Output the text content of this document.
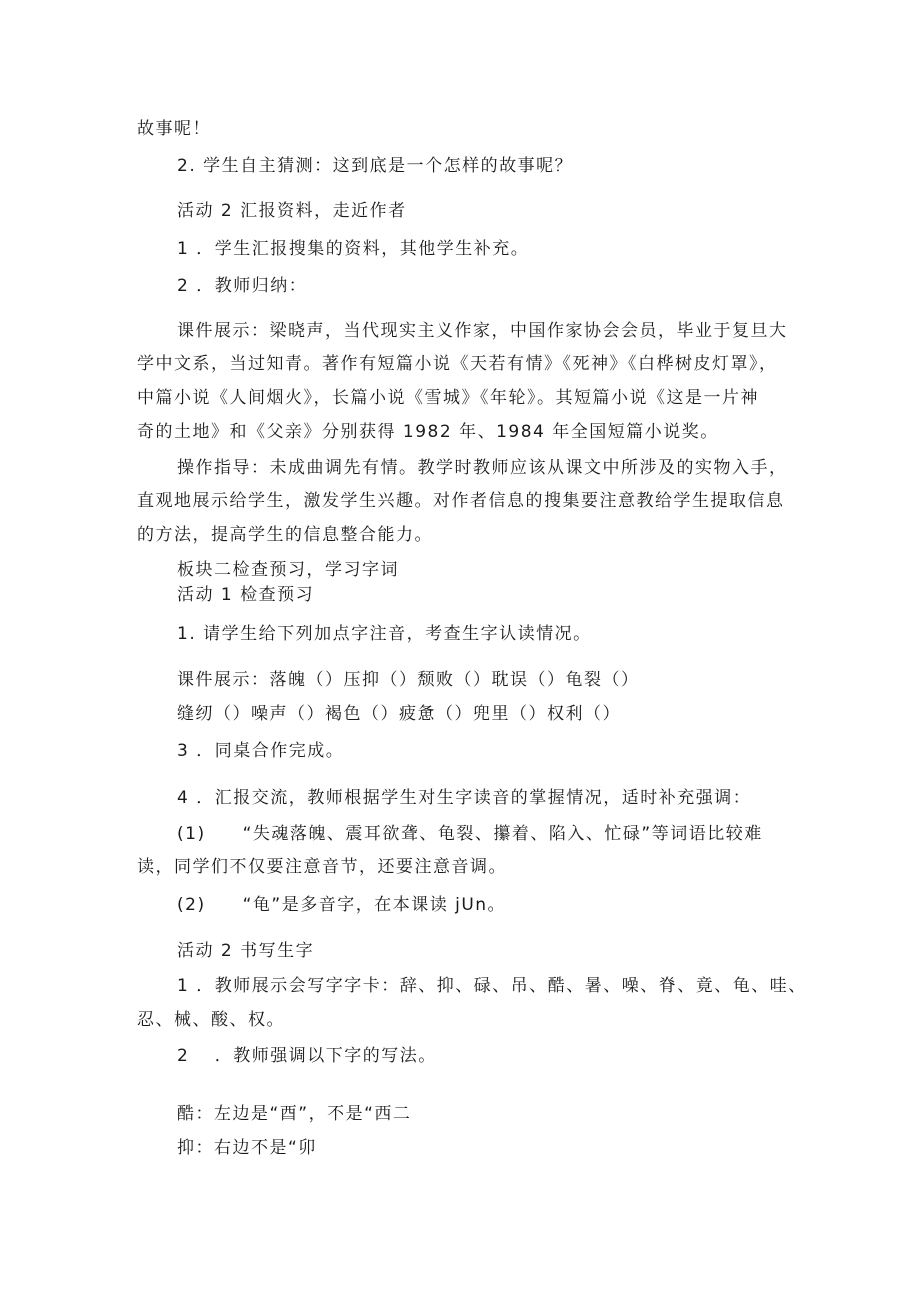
故事呢！
2. 学生自主猜测：这到底是一个怎样的故事呢？
活动 2 汇报资料，走近作者
1 ．学生汇报搜集的资料，其他学生补充。
2 ．教师归纳：
课件展示：梁晓声，当代现实主义作家，中国作家协会会员，毕业于复旦大
学中文系，当过知青。著作有短篇小说《天若有情》《死神》《白桦树皮灯罩》，
中篇小说《人间烟火》，长篇小说《雪城》《年轮》。其短篇小说《这是一片神
奇的土地》和《父亲》分别获得 1982 年、1984 年全国短篇小说奖。
操作指导：未成曲调先有情。教学时教师应该从课文中所涉及的实物入手，
直观地展示给学生，激发学生兴趣。对作者信息的搜集要注意教给学生提取信息
的方法，提高学生的信息整合能力。
板块二检查预习，学习字词
活动 1 检查预习
1. 请学生给下列加点字注音，考查生字认读情况。
课件展示：落魄（）压抑（）颓败（）耽误（）龟裂（）
缝纫（）噪声（）褐色（）疲惫（）兜里（）权利（）
3 ．同桌合作完成。
4 ．汇报交流，教师根据学生对生字读音的掌握情况，适时补充强调：
(1)　　“失魂落魄、震耳欲聋、龟裂、攥着、陷入、忙碌”等词语比较难
读，同学们不仅要注意音节，还要注意音调。
(2)　　“龟”是多音字，在本课读 jUn。
活动 2 书写生字
1 ．教师展示会写字字卡：辞、抑、碌、吊、酷、暑、噪、脊、竟、龟、哇、
忍、械、酸、权。
2　 ．教师强调以下字的写法。
酷：左边是“酉”，不是“西二
抑：右边不是“卯
